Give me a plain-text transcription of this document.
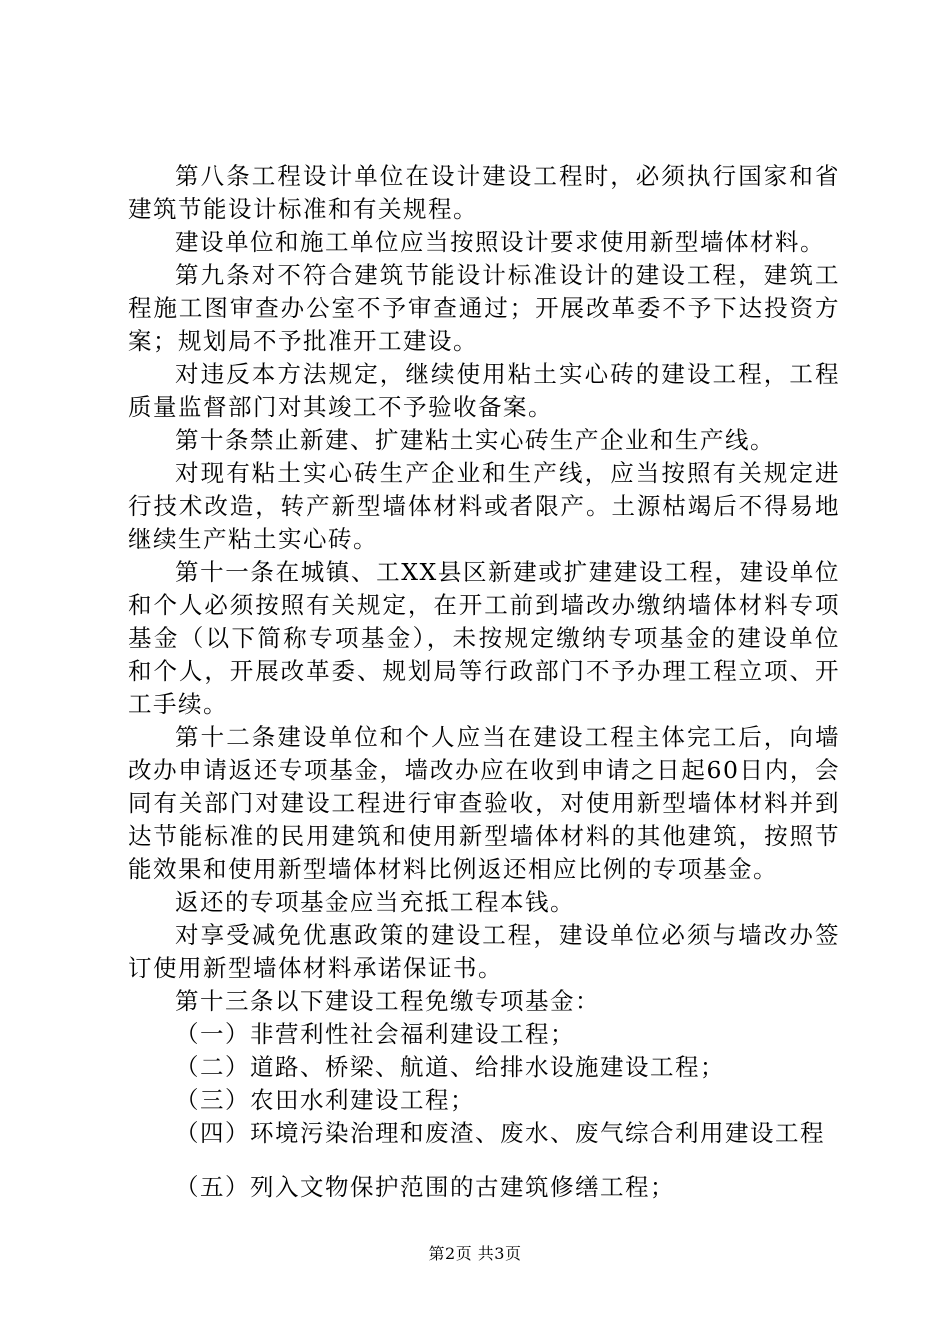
第八条工程设计单位在设计建设工程时，必须执行国家和省建筑节能设计标准和有关规程。

建设单位和施工单位应当按照设计要求使用新型墙体材料。

第九条对不符合建筑节能设计标准设计的建设工程，建筑工程施工图审查办公室不予审查通过；开展改革委不予下达投资方案；规划局不予批准开工建设。

对违反本方法规定，继续使用粘土实心砖的建设工程，工程质量监督部门对其竣工不予验收备案。

第十条禁止新建、扩建粘土实心砖生产企业和生产线。

对现有粘土实心砖生产企业和生产线，应当按照有关规定进行技术改造，转产新型墙体材料或者限产。土源枯竭后不得易地继续生产粘土实心砖。

第十一条在城镇、工XX县区新建或扩建建设工程，建设单位和个人必须按照有关规定，在开工前到墙改办缴纳墙体材料专项基金（以下简称专项基金），未按规定缴纳专项基金的建设单位和个人，开展改革委、规划局等行政部门不予办理工程立项、开工手续。

第十二条建设单位和个人应当在建设工程主体完工后，向墙改办申请返还专项基金，墙改办应在收到申请之日起60日内，会同有关部门对建设工程进行审查验收，对使用新型墙体材料并到达节能标准的民用建筑和使用新型墙体材料的其他建筑，按照节能效果和使用新型墙体材料比例返还相应比例的专项基金。

返还的专项基金应当充抵工程本钱。

对享受减免优惠政策的建设工程，建设单位必须与墙改办签订使用新型墙体材料承诺保证书。

第十三条以下建设工程免缴专项基金：

（一）非营利性社会福利建设工程；

（二）道路、桥梁、航道、给排水设施建设工程；

（三）农田水利建设工程；

（四）环境污染治理和废渣、废水、废气综合利用建设工程

（五）列入文物保护范围的古建筑修缮工程；

第2页 共3页
